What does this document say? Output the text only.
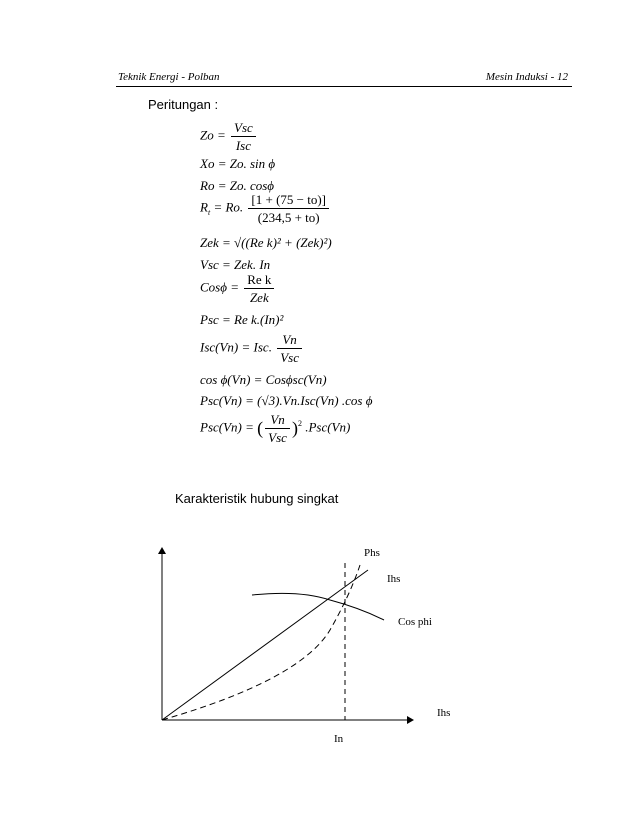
Teknik Energi - Polban	Mesin Induksi - 12
Peritungan :
$Zo = \frac{\text{Vsc}}{\text{Isc}}$
Xo = Zo. sin ϕ
Ro = Zo. cosϕ
$R_t = Ro$. $\frac{[1 + (75 - to)]}{(234,5 + to)}$
Zek = √((Re k)² + (Zek)²)
Vsc = Zek. In
$Cos\phi = \frac{\text{Re k}}{\text{Zek}}$
Psc = Re k.(In)²
Isc(Vn) = Isc. $\frac{Vn}{\text{Vsc}}$
cos ϕ(Vn) = Cosϕsc(Vn)
Psc(Vn) = (√3).Vn.Isc(Vn) .cos ϕ
Psc(Vn) = ( $\frac{Vn}{\text{Vsc}} )^2$ .Psc(Vn)
Karakteristik hubung singkat
Phs
Ihs
Cos phi
Ihs
In
